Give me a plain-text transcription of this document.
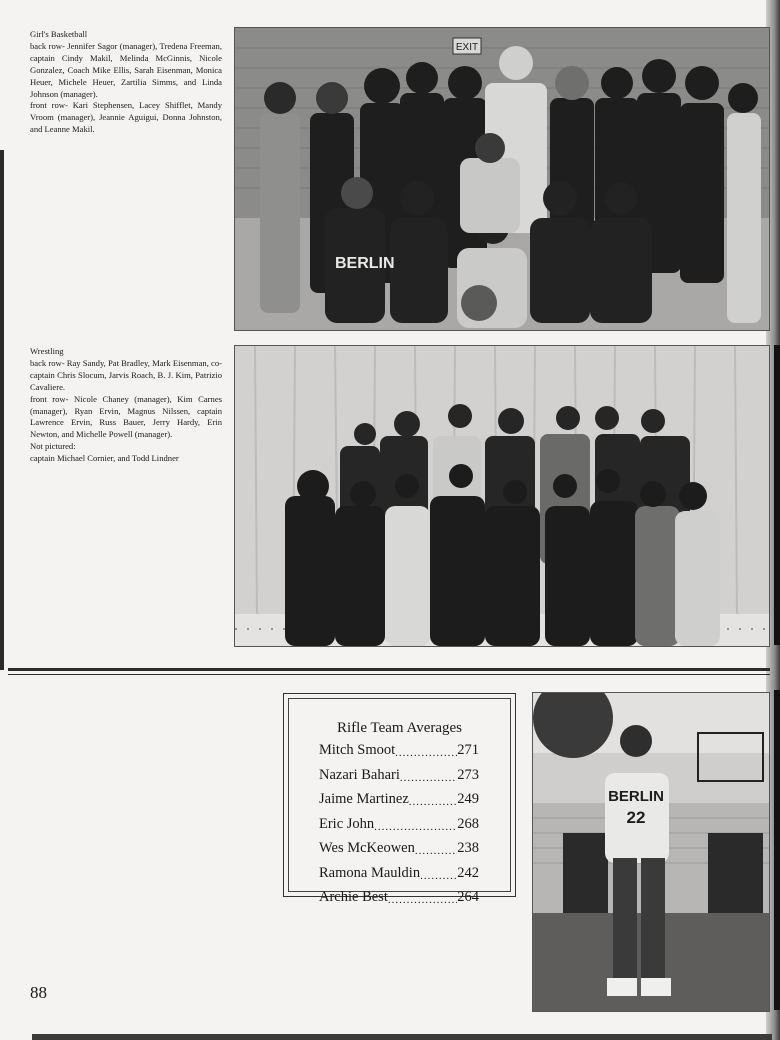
Girl's Basketball

back row- Jennifer Sagor (manager), Tredena Freeman, captain Cindy Makil, Melinda McGinnis, Nicole Gonzalez, Coach Mike Ellis, Sarah Eisenman, Monica Heuer, Michele Heuer, Zartilia Simms, and Linda Johnson (manager).

front row- Kari Stephensen, Lacey Shifflet, Mandy Vroom (manager), Jeannie Aguigui, Donna Johnston, and Leanne Makil.

EXIT
BERLIN

Wrestling

back row- Ray Sandy, Pat Bradley, Mark Eisenman, co-captain Chris Slocum, Jarvis Roach, B. J. Kim, Patrizio Cavaliere.

front row- Nicole Chaney (manager), Kim Carnes (manager), Ryan Ervin, Magnus Nilssen, captain Lawrence Ervin, Russ Bauer, Jerry Hardy, Erin Newton, and Michelle Powell (manager).

Not pictured:

captain Michael Cornier, and Todd Lindner

Rifle Team Averages
Mitch Smoot .....	271
Nazari Bahari .....	273
Jaime Martinez .....	249
Eric John .....	268
Wes McKeowen .....	238
Ramona Mauldin .....	242
Archie Best .....	264
BERLIN
22
88
